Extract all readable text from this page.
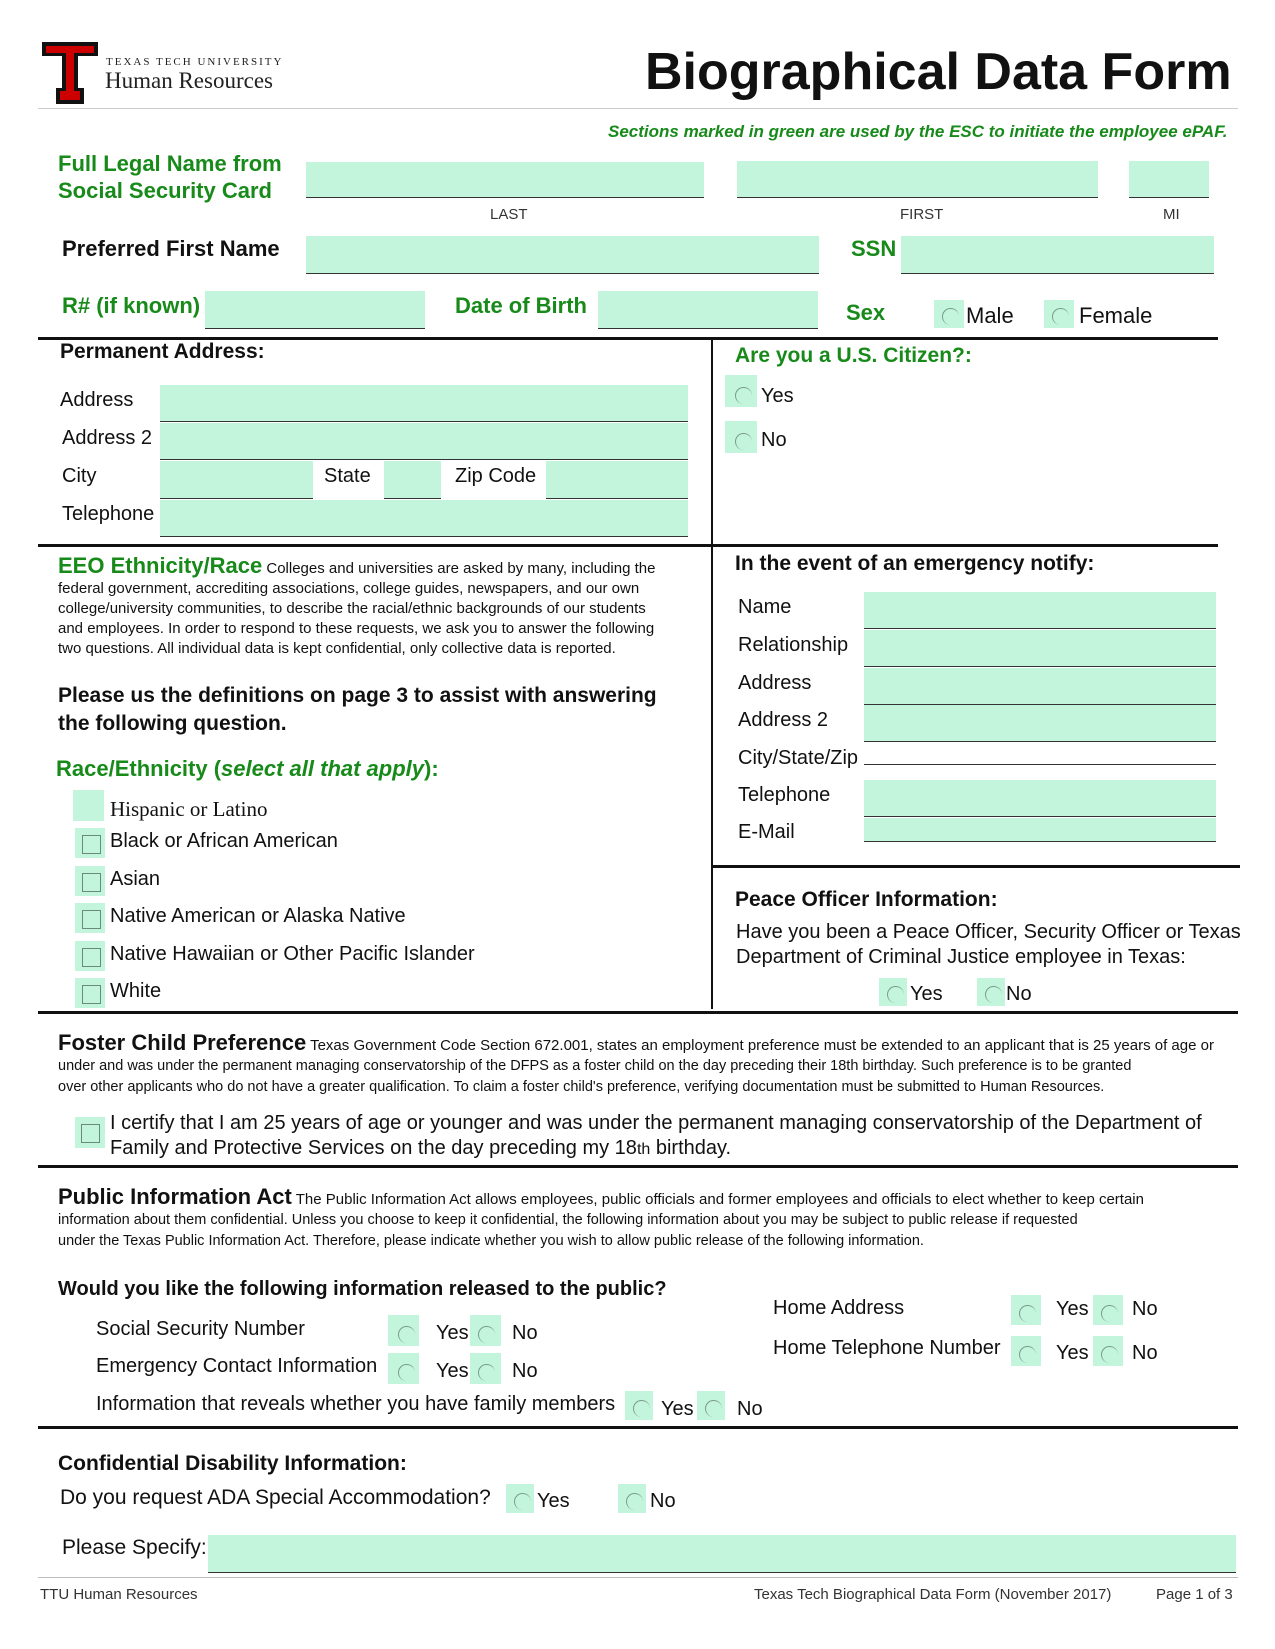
TEXAS TECH UNIVERSITY
Human Resources	Biographical Data Form
Sections marked in green are used by the ESC to initiate the employee ePAF.
Full Legal Name from Social Security Card
LAST	FIRST	MI
Preferred First Name	SSN
R# (if known)	Date of Birth	Sex	Male	Female
Permanent Address:
Address
Address 2
City	State	Zip Code
Telephone
Are you a U.S. Citizen?:
Yes
No
EEO Ethnicity/Race Colleges and universities are asked by many, including the
federal government, accrediting associations, college guides, newspapers, and our own
college/university communities, to describe the racial/ethnic backgrounds of our students
and employees. In order to respond to these requests, we ask you to answer the following
two questions. All individual data is kept confidential, only collective data is reported.
Please us the definitions on page 3 to assist with answering
the following question.
Race/Ethnicity (select all that apply):
Hispanic or Latino
Black or African American
Asian
Native American or Alaska Native
Native Hawaiian or Other Pacific Islander
White
In the event of an emergency notify:
Name
Relationship
Address
Address 2
City/State/Zip
Telephone
E-Mail
Peace Officer Information:
Have you been a Peace Officer, Security Officer or Texas
Department of Criminal Justice employee in Texas:
Yes	No
Foster Child Preference Texas Government Code Section 672.001, states an employment preference must be extended to an applicant that is 25 years of age or
under and was under the permanent managing conservatorship of the DFPS as a foster child on the day preceding their 18th birthday. Such preference is to be granted
over other applicants who do not have a greater qualification. To claim a foster child's preference, verifying documentation must be submitted to Human Resources.
I certify that I am 25 years of age or younger and was under the permanent managing conservatorship of the Department of
Family and Protective Services on the day preceding my 18th birthday.
Public Information Act The Public Information Act allows employees, public officials and former employees and officials to elect whether to keep certain
information about them confidential. Unless you choose to keep it confidential, the following information about you may be subject to public release if requested
under the Texas Public Information Act. Therefore, please indicate whether you wish to allow public release of the following information.
Would you like the following information released to the public?
Social Security Number	Yes No
Emergency Contact Information	Yes No
Information that reveals whether you have family members Yes No
Home Address	Yes No
Home Telephone Number	Yes No
Confidential Disability Information:
Do you request ADA Special Accommodation? Yes	No
Please Specify:
TTU Human Resources	Texas Tech Biographical Data Form (November 2017)	Page 1 of 3
